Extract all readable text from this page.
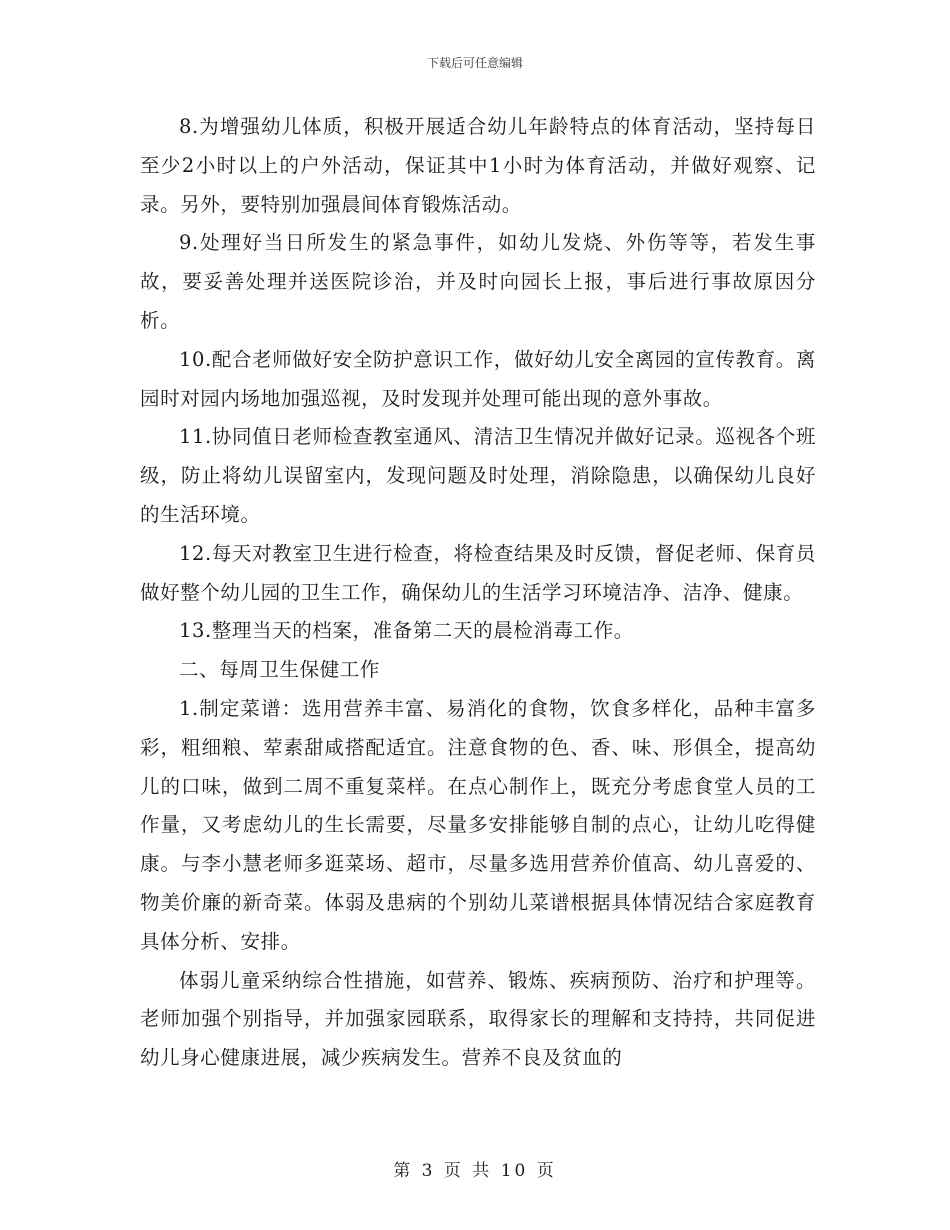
下载后可任意编辑

8.为增强幼儿体质，积极开展适合幼儿年龄特点的体育活动，坚持每日至少2小时以上的户外活动，保证其中1小时为体育活动，并做好观察、记录。另外，要特别加强晨间体育锻炼活动。

9.处理好当日所发生的紧急事件，如幼儿发烧、外伤等等，若发生事故，要妥善处理并送医院诊治，并及时向园长上报，事后进行事故原因分析。

10.配合老师做好安全防护意识工作，做好幼儿安全离园的宣传教育。离园时对园内场地加强巡视，及时发现并处理可能出现的意外事故。

11.协同值日老师检查教室通风、清洁卫生情况并做好记录。巡视各个班级，防止将幼儿误留室内，发现问题及时处理，消除隐患，以确保幼儿良好的生活环境。

12.每天对教室卫生进行检查，将检查结果及时反馈，督促老师、保育员做好整个幼儿园的卫生工作，确保幼儿的生活学习环境洁净、洁净、健康。

13.整理当天的档案，准备第二天的晨检消毒工作。

二、每周卫生保健工作

1.制定菜谱：选用营养丰富、易消化的食物，饮食多样化，品种丰富多彩，粗细粮、荤素甜咸搭配适宜。注意食物的色、香、味、形俱全，提高幼儿的口味，做到二周不重复菜样。在点心制作上，既充分考虑食堂人员的工作量，又考虑幼儿的生长需要，尽量多安排能够自制的点心，让幼儿吃得健康。与李小慧老师多逛菜场、超市，尽量多选用营养价值高、幼儿喜爱的、物美价廉的新奇菜。体弱及患病的个别幼儿菜谱根据具体情况结合家庭教育具体分析、安排。

体弱儿童采纳综合性措施，如营养、锻炼、疾病预防、治疗和护理等。老师加强个别指导，并加强家园联系，取得家长的理解和支持持，共同促进幼儿身心健康进展，减少疾病发生。营养不良及贫血的

第 3 页 共 10 页
